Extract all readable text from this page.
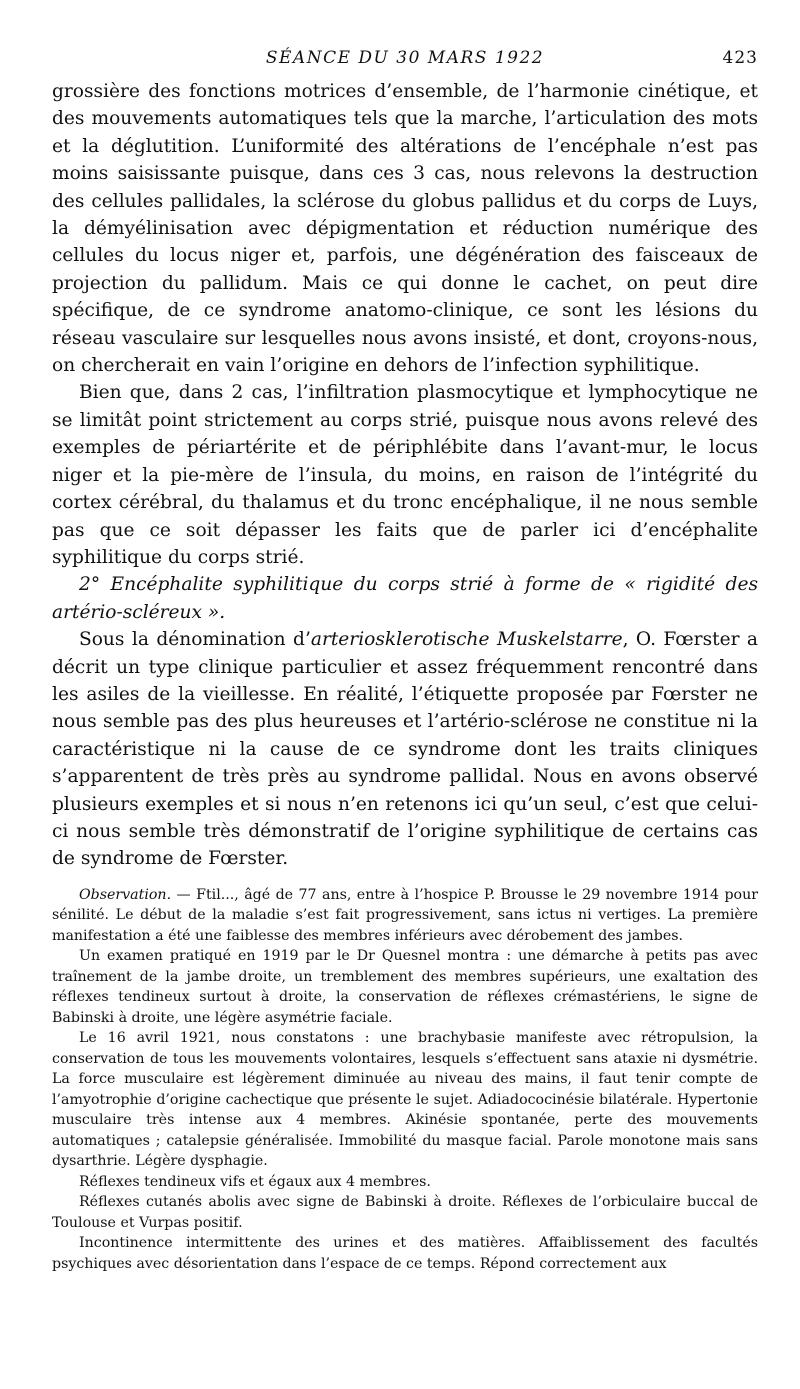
SÉANCE DU 30 MARS 1922	423

grossière des fonctions motrices d’ensemble, de l’harmonie cinétique, et des mouvements automatiques tels que la marche, l’articulation des mots et la déglutition. L’uniformité des altérations de l’encéphale n’est pas moins saisissante puisque, dans ces 3 cas, nous relevons la destruction des cellules pallidales, la sclérose du globus pallidus et du corps de Luys, la démyélinisation avec dépigmentation et réduction numérique des cellules du locus niger et, parfois, une dégénération des faisceaux de projection du pallidum. Mais ce qui donne le cachet, on peut dire spécifique, de ce syndrome anatomo-clinique, ce sont les lésions du réseau vasculaire sur lesquelles nous avons insisté, et dont, croyons-nous, on chercherait en vain l’origine en dehors de l’infection syphilitique.

Bien que, dans 2 cas, l’infiltration plasmocytique et lymphocytique ne se limitât point strictement au corps strié, puisque nous avons relevé des exemples de périartérite et de périphlébite dans l’avant-mur, le locus niger et la pie-mère de l’insula, du moins, en raison de l’intégrité du cortex cérébral, du thalamus et du tronc encéphalique, il ne nous semble pas que ce soit dépasser les faits que de parler ici d’encéphalite syphilitique du corps strié.

2° Encéphalite syphilitique du corps strié à forme de « rigidité des artério-scléreux ».

Sous la dénomination d’arteriosklerotische Muskelstarre, O. Fœrster a décrit un type clinique particulier et assez fréquemment rencontré dans les asiles de la vieillesse. En réalité, l’étiquette proposée par Fœrster ne nous semble pas des plus heureuses et l’artério-sclérose ne constitue ni la caractéristique ni la cause de ce syndrome dont les traits cliniques s’apparentent de très près au syndrome pallidal. Nous en avons observé plusieurs exemples et si nous n’en retenons ici qu’un seul, c’est que celui-ci nous semble très démonstratif de l’origine syphilitique de certains cas de syndrome de Fœrster.

Observation. — Ftil..., âgé de 77 ans, entre à l’hospice P. Brousse le 29 novembre 1914 pour sénilité. Le début de la maladie s’est fait progressivement, sans ictus ni vertiges. La première manifestation a été une faiblesse des membres inférieurs avec dérobement des jambes.

Un examen pratiqué en 1919 par le Dr Quesnel montra : une démarche à petits pas avec traînement de la jambe droite, un tremblement des membres supérieurs, une exaltation des réflexes tendineux surtout à droite, la conservation de réflexes crémastériens, le signe de Babinski à droite, une légère asymétrie faciale.

Le 16 avril 1921, nous constatons : une brachybasie manifeste avec rétropulsion, la conservation de tous les mouvements volontaires, lesquels s’effectuent sans ataxie ni dysmétrie. La force musculaire est légèrement diminuée au niveau des mains, il faut tenir compte de l’amyotrophie d’origine cachectique que présente le sujet. Adiadococinésie bilatérale. Hypertonie musculaire très intense aux 4 membres. Akinésie spontanée, perte des mouvements automatiques ; catalepsie généralisée. Immobilité du masque facial. Parole monotone mais sans dysarthrie. Légère dysphagie.

Réflexes tendineux vifs et égaux aux 4 membres.

Réflexes cutanés abolis avec signe de Babinski à droite. Réflexes de l’orbiculaire buccal de Toulouse et Vurpas positif.

Incontinence intermittente des urines et des matières. Affaiblissement des facultés psychiques avec désorientation dans l’espace de ce temps. Répond correctement aux
